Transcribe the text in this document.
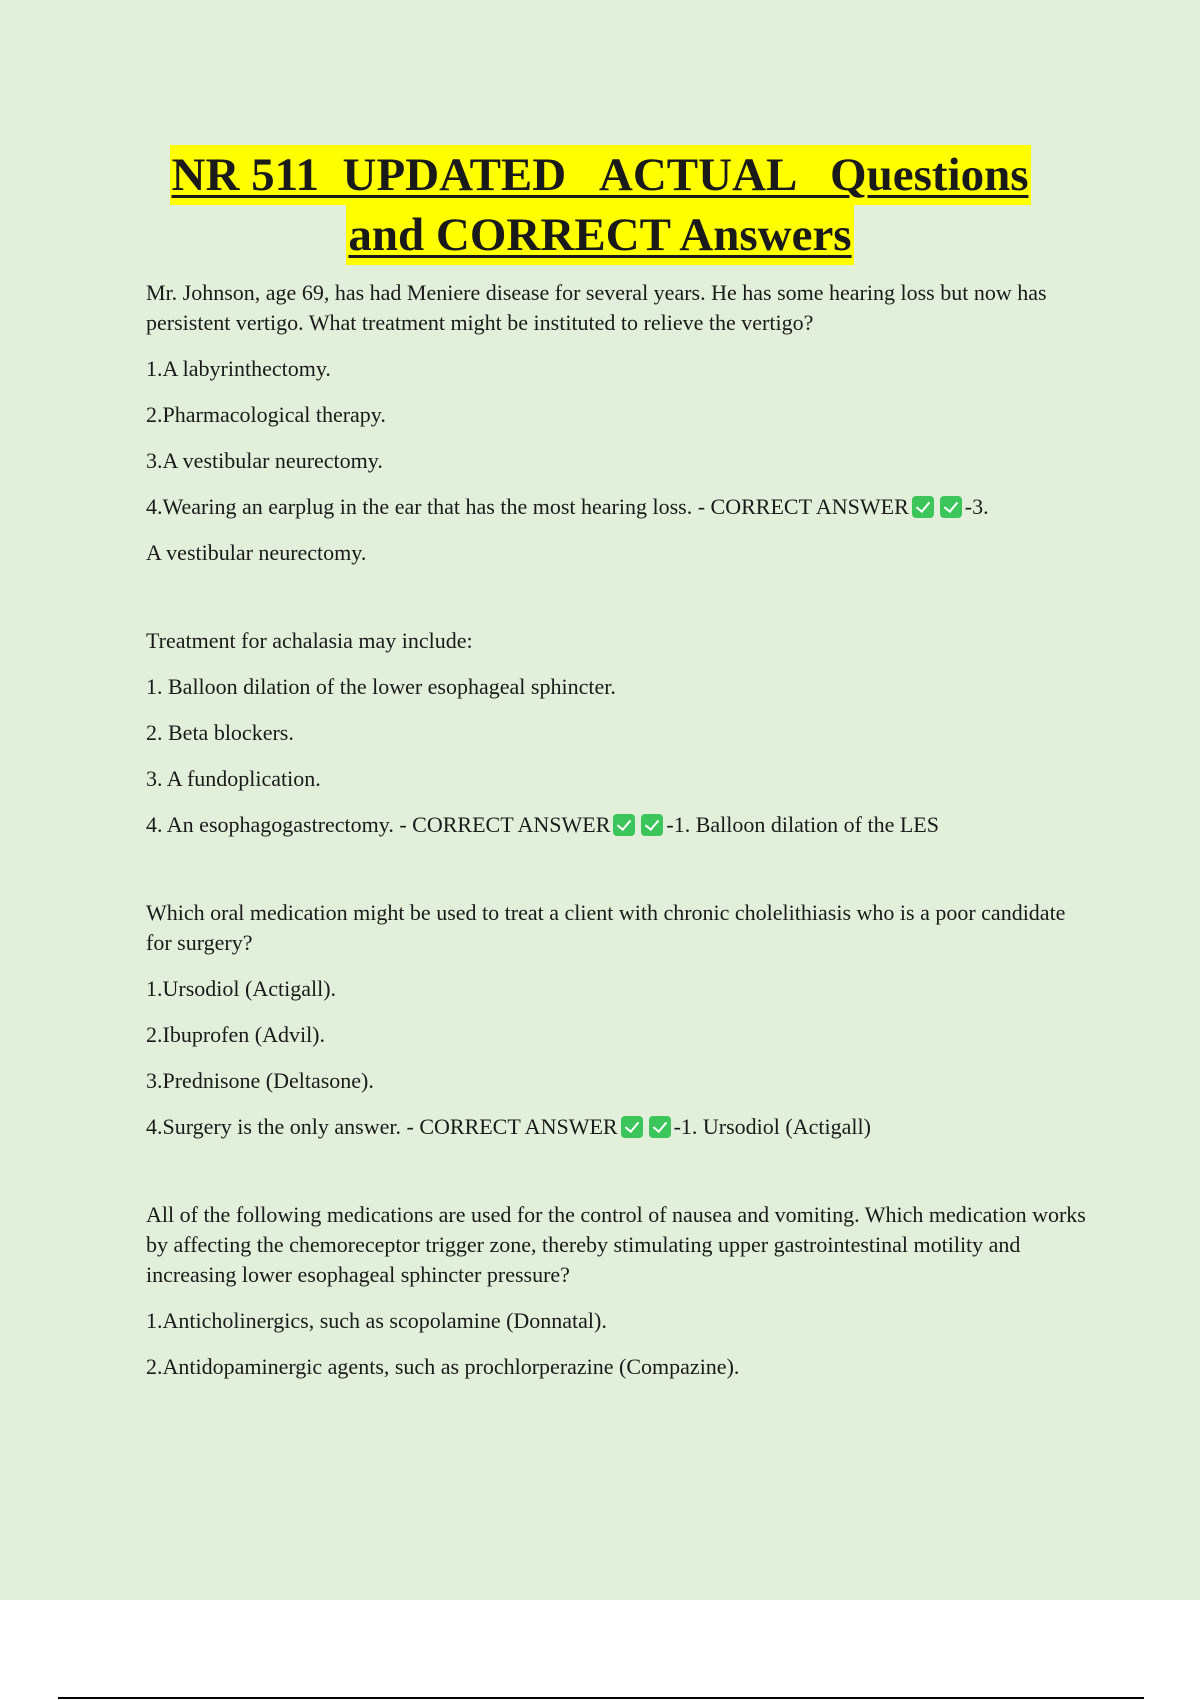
NR 511  UPDATED   ACTUAL   Questions
and CORRECT Answers

Mr. Johnson, age 69, has had Meniere disease for several years. He has some hearing loss but now has persistent vertigo. What treatment might be instituted to relieve the vertigo?

1.A labyrinthectomy.

2.Pharmacological therapy.

3.A vestibular neurectomy.

4.Wearing an earplug in the ear that has the most hearing loss. - CORRECT ANSWER	-3.

A vestibular neurectomy.

Treatment for achalasia may include:

1. Balloon dilation of the lower esophageal sphincter.

2. Beta blockers.

3. A fundoplication.

4. An esophagogastrectomy. - CORRECT ANSWER	-1. Balloon dilation of the LES

Which oral medication might be used to treat a client with chronic cholelithiasis who is a poor candidate for surgery?

1.Ursodiol (Actigall).

2.Ibuprofen (Advil).

3.Prednisone (Deltasone).

4.Surgery is the only answer. - CORRECT ANSWER	-1. Ursodiol (Actigall)

All of the following medications are used for the control of nausea and vomiting. Which medication works by affecting the chemoreceptor trigger zone, thereby stimulating upper gastrointestinal motility and increasing lower esophageal sphincter pressure?

1.Anticholinergics, such as scopolamine (Donnatal).

2.Antidopaminergic agents, such as prochlorperazine (Compazine).
